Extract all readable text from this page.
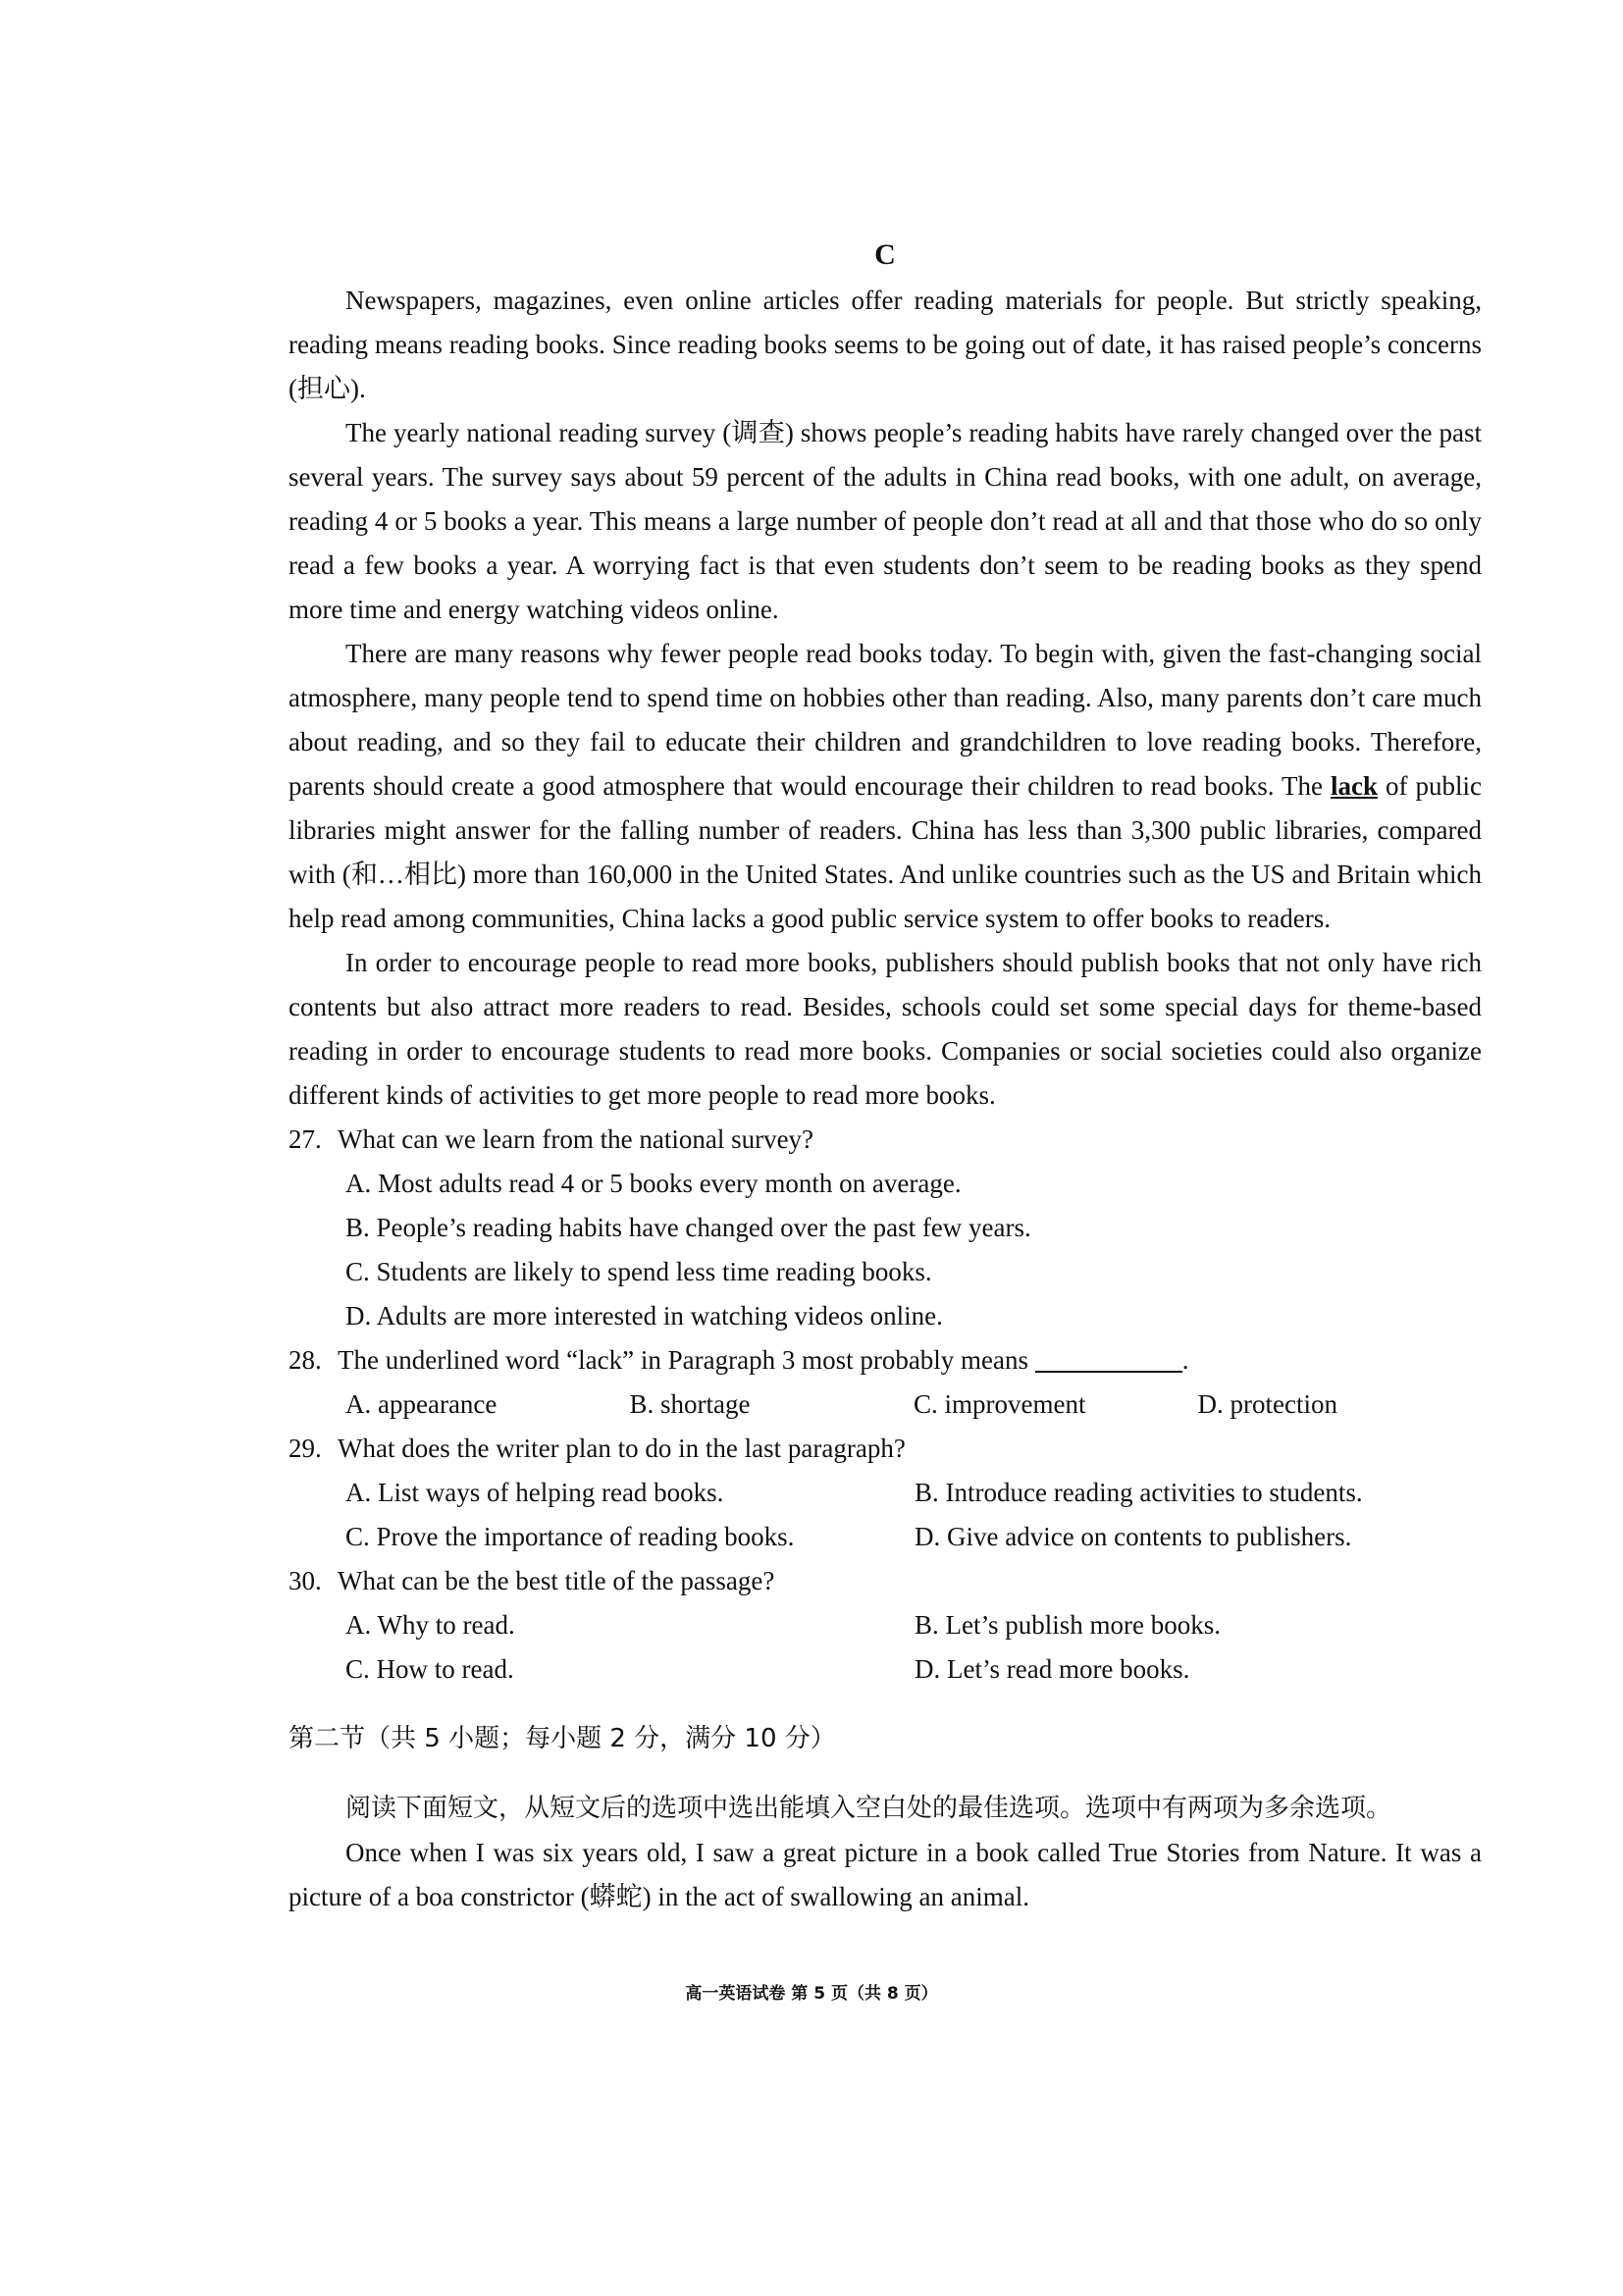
C

Newspapers, magazines, even online articles offer reading materials for people. But strictly speaking, reading means reading books. Since reading books seems to be going out of date, it has raised people’s concerns (担心).

The yearly national reading survey (调查) shows people’s reading habits have rarely changed over the past several years. The survey says about 59 percent of the adults in China read books, with one adult, on average, reading 4 or 5 books a year. This means a large number of people don’t read at all and that those who do so only read a few books a year. A worrying fact is that even students don’t seem to be reading books as they spend more time and energy watching videos online.

There are many reasons why fewer people read books today. To begin with, given the fast-changing social atmosphere, many people tend to spend time on hobbies other than reading. Also, many parents don’t care much about reading, and so they fail to educate their children and grandchildren to love reading books. Therefore, parents should create a good atmosphere that would encourage their children to read books. The lack of public libraries might answer for the falling number of readers. China has less than 3,300 public libraries, compared with (和…相比) more than 160,000 in the United States. And unlike countries such as the US and Britain which help read among communities, China lacks a good public service system to offer books to readers.

In order to encourage people to read more books, publishers should publish books that not only have rich contents but also attract more readers to read. Besides, schools could set some special days for theme-based reading in order to encourage students to read more books. Companies or social societies could also organize different kinds of activities to get more people to read more books.

27. What can we learn from the national survey?

A. Most adults read 4 or 5 books every month on average.
B. People’s reading habits have changed over the past few years.
C. Students are likely to spend less time reading books.
D. Adults are more interested in watching videos online.

28. The underlined word “lack” in Paragraph 3 most probably means	.

A. appearance	B. shortage	C. improvement	D. protection

29. What does the writer plan to do in the last paragraph?

A. List ways of helping read books.	B. Introduce reading activities to students.
C. Prove the importance of reading books.	D. Give advice on contents to publishers.

30. What can be the best title of the passage?

A. Why to read.	B. Let’s publish more books.
C. How to read.	D. Let’s read more books.

第二节（共 5 小题；每小题 2 分，满分 10 分）

阅读下面短文，从短文后的选项中选出能填入空白处的最佳选项。选项中有两项为多余选项。

Once when I was six years old, I saw a great picture in a book called True Stories from Nature. It was a picture of a boa constrictor (蟒蛇) in the act of swallowing an animal.

高一英语试卷 第 5 页（共 8 页）
